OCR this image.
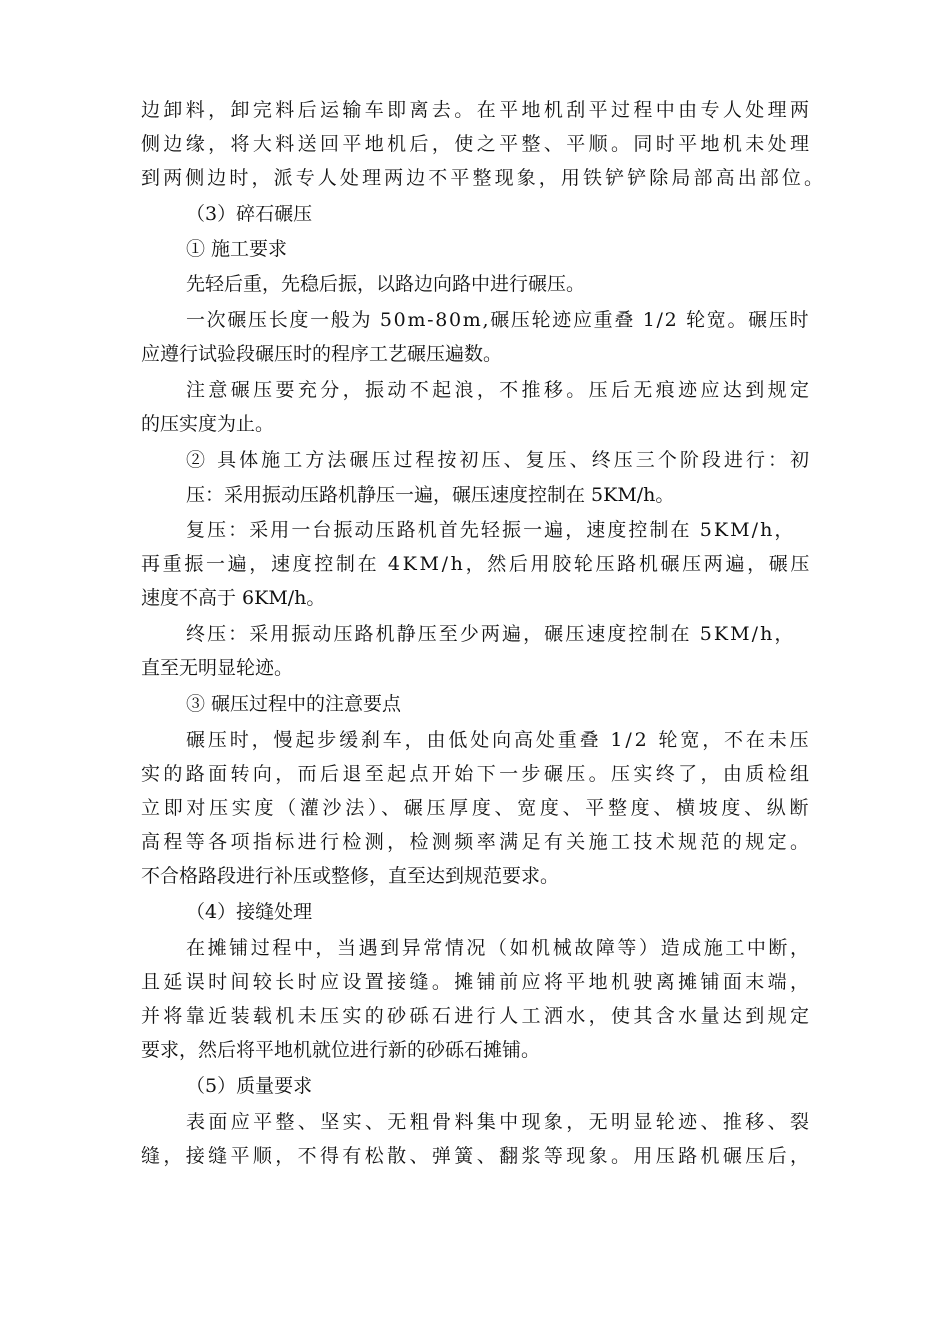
边卸料，卸完料后运输车即离去。在平地机刮平过程中由专人处理两
侧边缘，将大料送回平地机后，使之平整、平顺。同时平地机未处理
到两侧边时，派专人处理两边不平整现象，用铁铲铲除局部高出部位。
（3）碎石碾压
① 施工要求
先轻后重，先稳后振，以路边向路中进行碾压。
一次碾压长度一般为 50m-80m,碾压轮迹应重叠 1/2 轮宽。碾压时
应遵行试验段碾压时的程序工艺碾压遍数。
注意碾压要充分，振动不起浪，不推移。压后无痕迹应达到规定
的压实度为止。
② 具体施工方法碾压过程按初压、复压、终压三个阶段进行：初
压：采用振动压路机静压一遍，碾压速度控制在 5KM/h。
复压：采用一台振动压路机首先轻振一遍，速度控制在 5KM/h，
再重振一遍，速度控制在 4KM/h，然后用胶轮压路机碾压两遍，碾压
速度不高于 6KM/h。
终压：采用振动压路机静压至少两遍，碾压速度控制在 5KM/h，
直至无明显轮迹。
③ 碾压过程中的注意要点
碾压时，慢起步缓刹车，由低处向高处重叠 1/2 轮宽，不在未压
实的路面转向，而后退至起点开始下一步碾压。压实终了，由质检组
立即对压实度（灌沙法）、碾压厚度、宽度、平整度、横坡度、纵断
高程等各项指标进行检测，检测频率满足有关施工技术规范的规定。
不合格路段进行补压或整修，直至达到规范要求。
（4）接缝处理
在摊铺过程中，当遇到异常情况（如机械故障等）造成施工中断，
且延误时间较长时应设置接缝。摊铺前应将平地机驶离摊铺面末端，
并将靠近装载机未压实的砂砾石进行人工洒水，使其含水量达到规定
要求，然后将平地机就位进行新的砂砾石摊铺。
（5）质量要求
表面应平整、坚实、无粗骨料集中现象，无明显轮迹、推移、裂
缝，接缝平顺，不得有松散、弹簧、翻浆等现象。用压路机碾压后，
